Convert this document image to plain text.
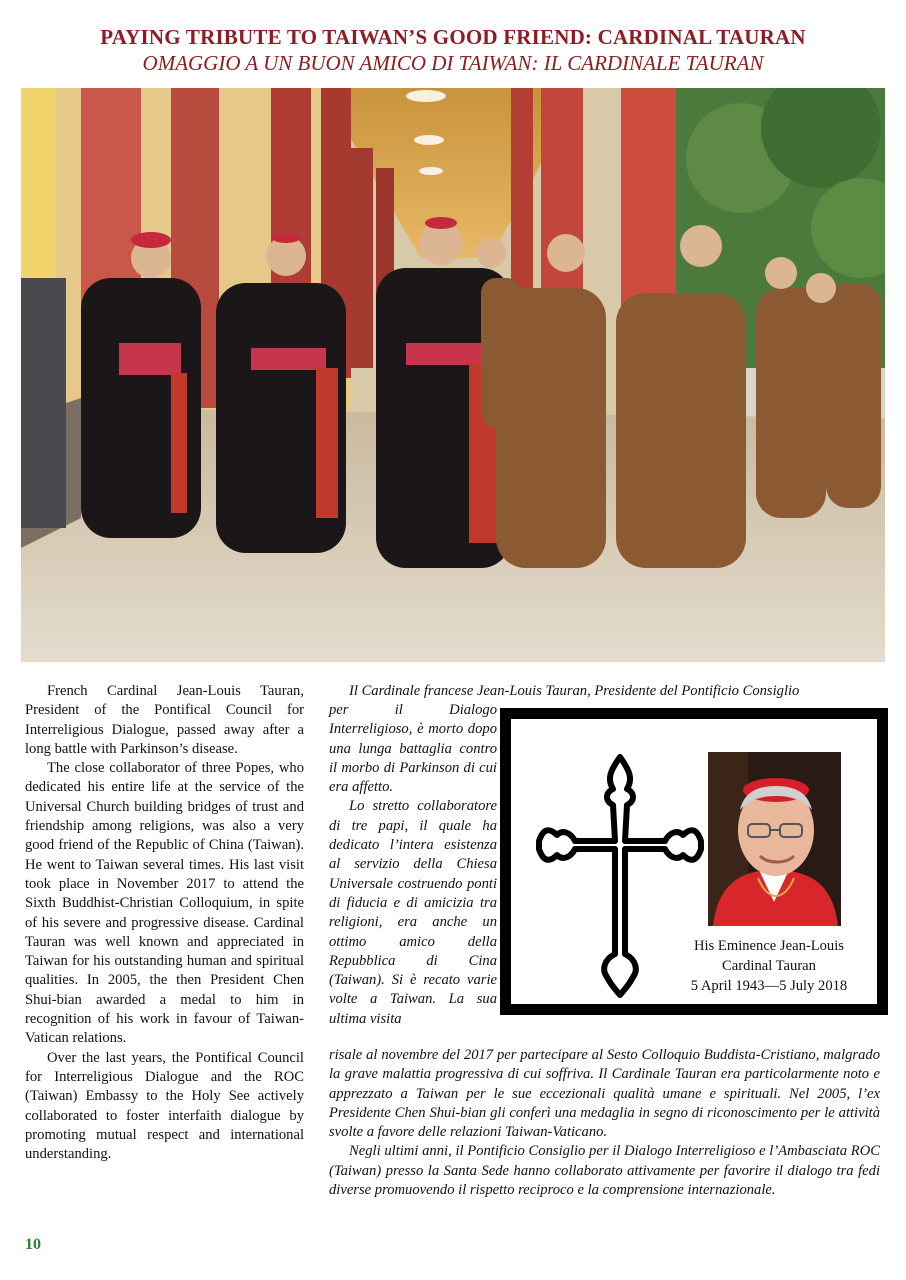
PAYING TRIBUTE TO TAIWAN’S GOOD FRIEND: CARDINAL TAURAN
OMAGGIO A UN BUON AMICO DI TAIWAN: IL CARDINALE TAURAN

French Cardinal Jean-Louis Tauran, President of the Pontifical Council for Interreligious Dialogue, passed away after a long battle with Parkinson’s disease.

The close collaborator of three Popes, who dedicated his entire life at the service of the Universal Church building bridges of trust and friendship among religions, was also a very good friend of the Republic of China (Taiwan). He went to Taiwan several times. His last visit took place in November 2017 to attend the Sixth Buddhist-Christian Colloquium, in spite of his severe and progressive disease. Cardinal Tauran was well known and appreciated in Taiwan for his outstanding human and spiritual qualities. In 2005, the then President Chen Shui-bian awarded a medal to him in recognition of his work in favour of Taiwan-Vatican relations.

Over the last years, the Pontifical Council for Interreligious Dialogue and the ROC (Taiwan) Embassy to the Holy See actively collaborated to foster interfaith dialogue by promoting mutual respect and international understanding.

Il Cardinale francese Jean-Louis Tauran, Presidente del Pontificio Consiglio

per il Dialogo Interreligioso, è morto dopo una lunga battaglia contro il morbo di Parkinson di cui era affetto.

Lo stretto collaboratore di tre papi, il quale ha dedicato l’intera esistenza al servizio della Chiesa Universale costruendo ponti di fiducia e di amicizia tra religioni, era anche un ottimo amico della Repubblica di Cina (Taiwan). Si è recato varie volte a Taiwan. La sua ultima visita

risale al novembre del 2017 per partecipare al Sesto Colloquio Buddista-Cristiano, malgrado la grave malattia progressiva di cui soffriva. Il Cardinale Tauran era particolarmente noto e apprezzato a Taiwan per le sue eccezionali qualità umane e spirituali. Nel 2005, l’ex Presidente Chen Shui-bian gli conferì una medaglia in segno di riconoscimento per le attività svolte a favore delle relazioni Taiwan-Vaticano.

Negli ultimi anni, il Pontificio Consiglio per il Dialogo Interreligioso e l’Ambasciata ROC (Taiwan) presso la Santa Sede hanno collaborato attivamente per favorire il dialogo tra fedi diverse promuovendo il rispetto reciproco e la comprensione internazionale.

His Eminence Jean-Louis
Cardinal Tauran
5 April 1943—5 July 2018
10
